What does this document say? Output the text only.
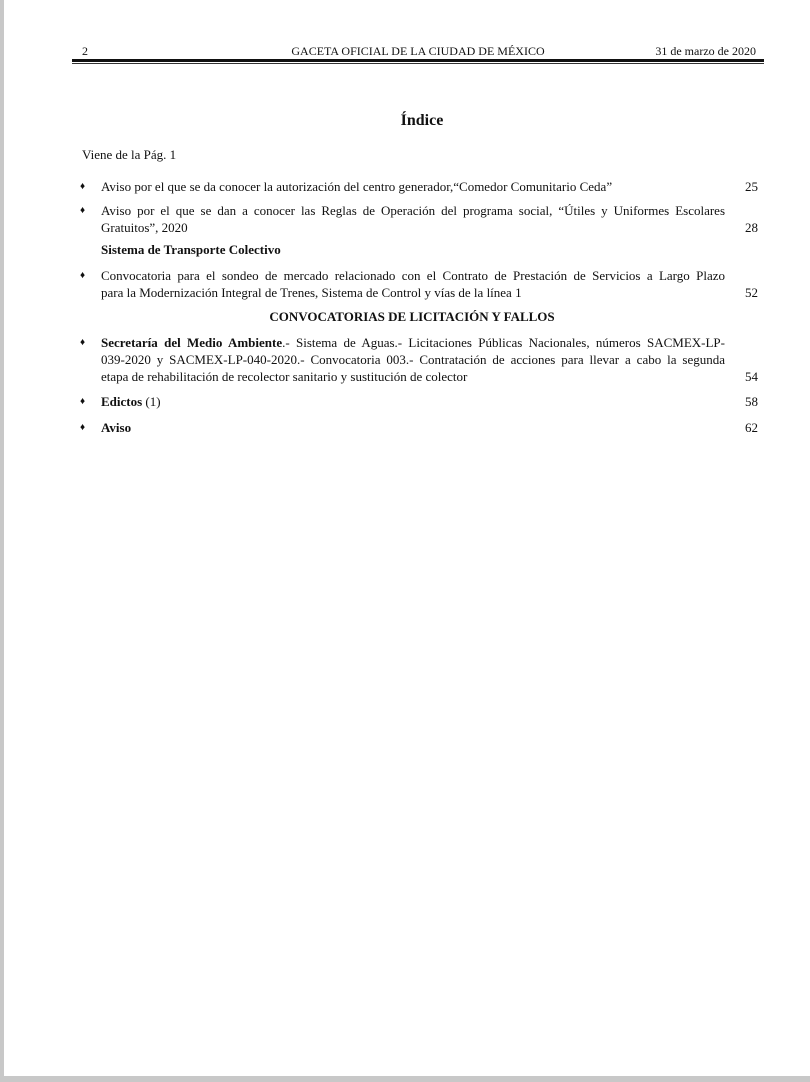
2	GACETA OFICIAL DE LA CIUDAD DE MÉXICO	31 de marzo de 2020
Índice
Viene de la Pág. 1
♦ Aviso por el que se da conocer la autorización del centro generador,“Comedor Comunitario Ceda”	25
♦ Aviso por el que se dan a conocer las Reglas de Operación del programa social, “Útiles y Uniformes Escolares
Gratuitos”, 2020	28
Sistema de Transporte Colectivo
♦ Convocatoria para el sondeo de mercado relacionado con el Contrato de Prestación de Servicios a Largo Plazo
para la Modernización Integral de Trenes, Sistema de Control y vías de la línea 1	52
CONVOCATORIAS DE LICITACIÓN Y FALLOS
♦ Secretaría del Medio Ambiente.- Sistema de Aguas.- Licitaciones Públicas Nacionales, números SACMEX-LP-
039-2020 y SACMEX-LP-040-2020.- Convocatoria 003.- Contratación de acciones para llevar a cabo la segunda
etapa de rehabilitación de recolector sanitario y sustitución de colector	54
♦ Edictos (1)	58
♦ Aviso	62
